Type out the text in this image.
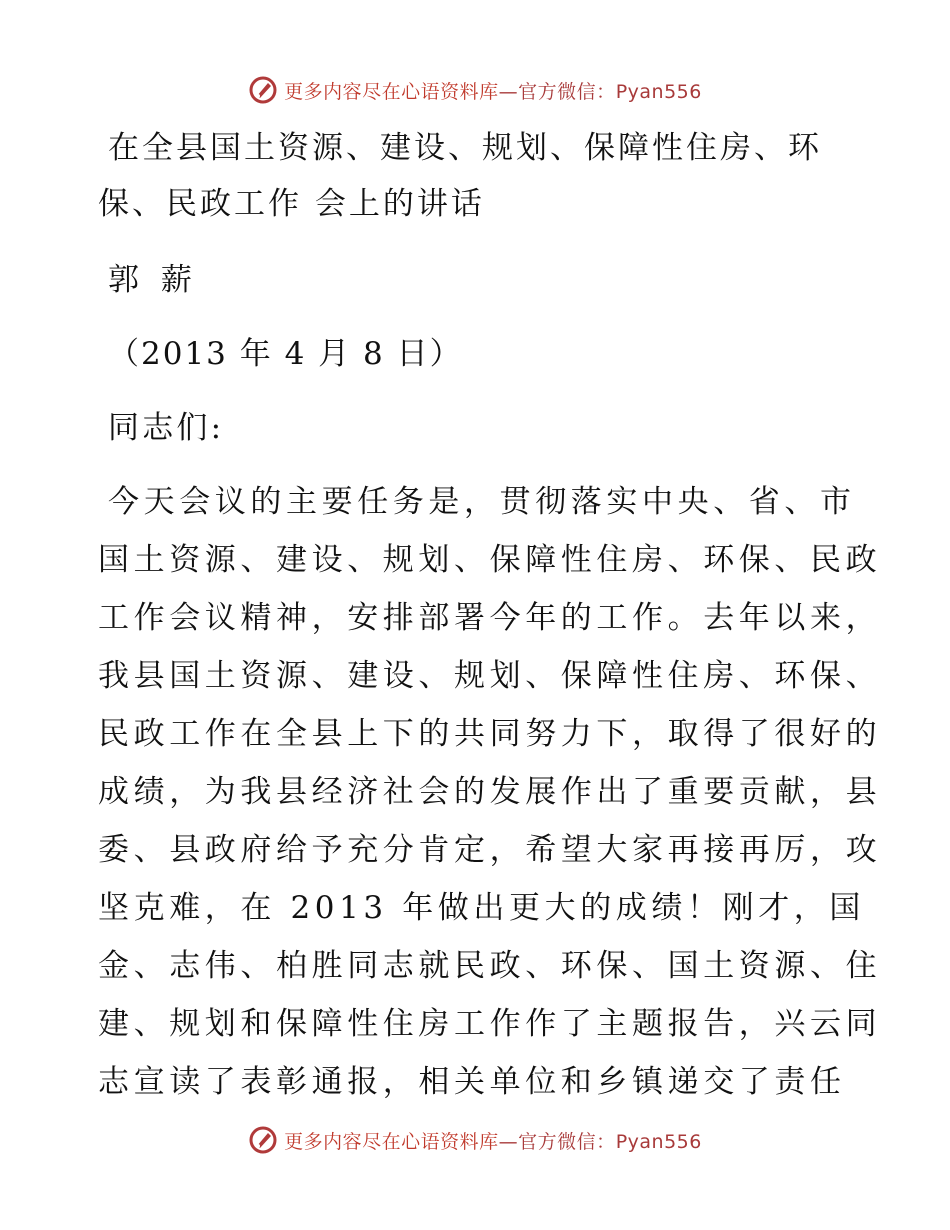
更多内容尽在心语资料库—官方微信：Pyan556
在全县国土资源、建设、规划、保障性住房、环
保、民政工作 会上的讲话
郭 薪
（2013 年 4 月 8 日）
同志们:
今天会议的主要任务是，贯彻落实中央、省、市
国土资源、建设、规划、保障性住房、环保、民政
工作会议精神，安排部署今年的工作。去年以来，
我县国土资源、建设、规划、保障性住房、环保、
民政工作在全县上下的共同努力下，取得了很好的
成绩，为我县经济社会的发展作出了重要贡献，县
委、县政府给予充分肯定，希望大家再接再厉，攻
坚克难，在 2013 年做出更大的成绩！刚才，国
金、志伟、柏胜同志就民政、环保、国土资源、住
建、规划和保障性住房工作作了主题报告，兴云同
志宣读了表彰通报，相关单位和乡镇递交了责任
更多内容尽在心语资料库—官方微信：Pyan556
